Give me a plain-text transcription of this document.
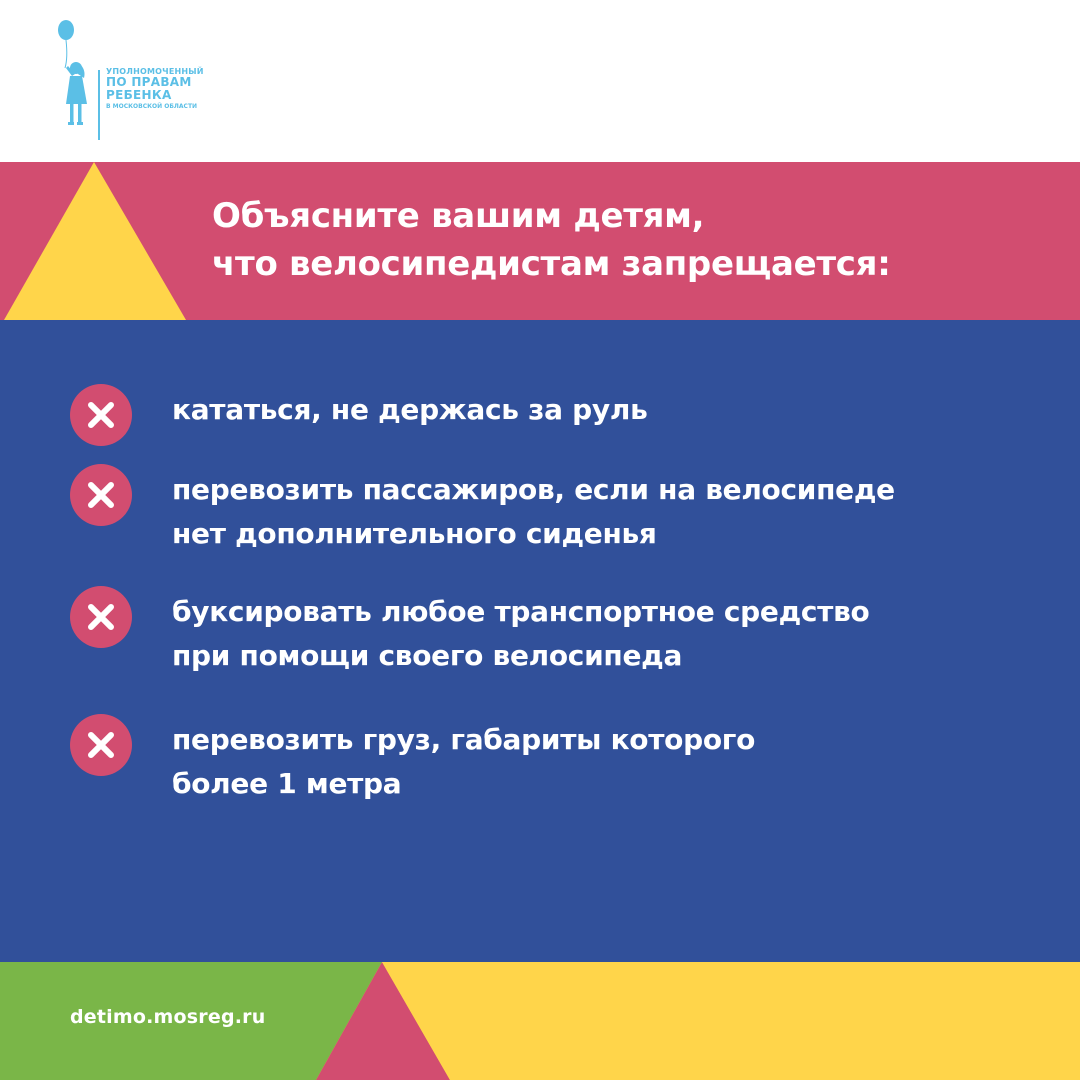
УПОЛНОМОЧЕННЫЙ
ПО ПРАВАМ
РЕБЕНКА
В МОСКОВСКОЙ ОБЛАСТИ
Объясните вашим детям,
что велосипедистам запрещается:
кататься, не держась за руль
перевозить пассажиров, если на велосипеде
нет дополнительного сиденья
буксировать любое транспортное средство
при помощи своего велосипеда
перевозить груз, габариты которого
более 1 метра
detimo.mosreg.ru
